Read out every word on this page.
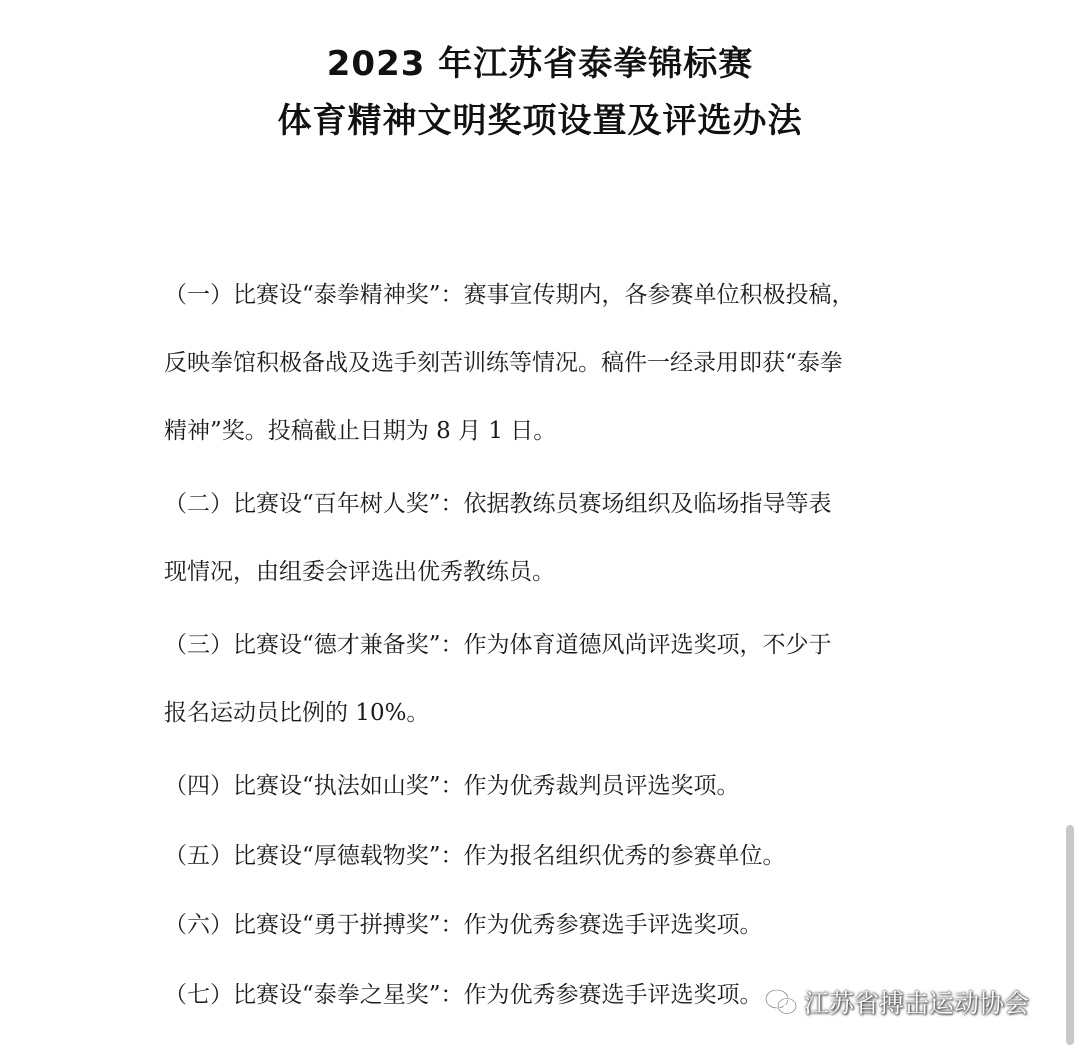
2023 年江苏省泰拳锦标赛
体育精神文明奖项设置及评选办法
（一）比赛设“泰拳精神奖”：赛事宣传期内，各参赛单位积极投稿，
反映拳馆积极备战及选手刻苦训练等情况。稿件一经录用即获“泰拳
精神”奖。投稿截止日期为 8 月 1 日。
（二）比赛设“百年树人奖”：依据教练员赛场组织及临场指导等表
现情况，由组委会评选出优秀教练员。
（三）比赛设“德才兼备奖”：作为体育道德风尚评选奖项，不少于
报名运动员比例的 10%。
（四）比赛设“执法如山奖”：作为优秀裁判员评选奖项。
（五）比赛设“厚德载物奖”：作为报名组织优秀的参赛单位。
（六）比赛设“勇于拼搏奖”：作为优秀参赛选手评选奖项。
（七）比赛设“泰拳之星奖”：作为优秀参赛选手评选奖项。	江苏省搏击运动协会
